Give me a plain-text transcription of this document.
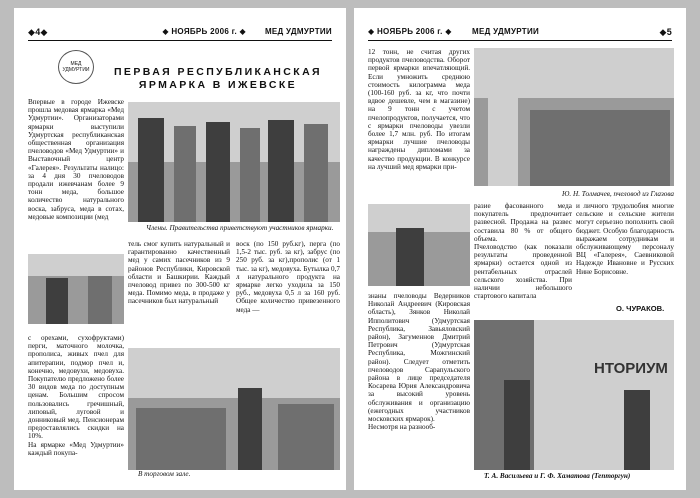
◆4◆	◆ НОЯБРЬ 2006 г. ◆ МЕД УДМУРТИИ
МЕД УДМУРТИИ	ПЕРВАЯ РЕСПУБЛИКАНСКАЯ ЯРМАРКА В ИЖЕВСКЕ
Впервые в городе Ижевске прошла медовая ярмарка «Мед Удмуртии». Организаторами ярмарки выступили Удмуртская республиканская общественная организация пчеловодов «Мед Удмуртии» и Выставочный центр «Галерея». Результаты налицо: за 4 дня 30 пчеловодов продали ижевчанам более 9 тонн меда, большое количество натурального воска, забруса, меда в сотах, медовые композиции (мед
Члены. Правительства приветствуют участников ярмарки.
с орехами, сухофруктами) перги, маточного молочка, прополиса, живых пчел для апитерапии, подмор пчел и, конечно, медовухи, медовуха. Покупателю предложено более 30 видов меда по доступным ценам. Большим спросом пользовались гречишный, липовый, луговой и донниковый мед. Пенсионерам предоставлялись скидки на 10%.
На ярмарке «Мед Удмуртии» каждый покупа-
тель смог купить натуральный и гарантированно качественный мед у самих пасечников из 9 районов Республики, Кировской области и Башкирии. Каждый пчеловод привез по 300-500 кг меда. Помимо меда, в продаже у пасечников был натуральный
воск (по 150 руб.кг), перга (по 1,5-2 тыс. руб. за кг), забрус (по 250 руб. за кг),прополис (от 1 тыс. за кг), медовуха. Бутылка 0,7 л натурального продукта на ярмарке легко уходила за 150 руб., медовуха 0,5 л за 160 руб. Общее количество привезенного меда —
В торговом зале.
◆ НОЯБРЬ 2006 г. ◆	МЕД УДМУРТИИ	◆5
12 тонн, не считая других продуктов пчеловодства. Оборот первой ярмарки впечатляющий. Если умножить среднюю стоимость килограмма меда (100-160 руб. за кг, что почти вдвое дешевле, чем в магазине) на 9 тонн с учетом пчелопродуктов, получается, что с ярмарки пчеловоды увезли более 1,7 млн. руб. По итогам ярмарки лучшие пчеловоды награждены дипломами за качество продукции. В конкурсе на лучший мед ярмарки при-
Ю. Н. Толмачев, пчеловод из Глазова
знаны пчеловоды Ведерников Николай Андреевич (Кировская область), Зянков Николай Ипполитович (Удмуртская Республика, Завьяловский район), Загуменнов Дмитрий Петрович (Удмуртская Республика, Можгинский район). Следует отметить пчеловодов Сарапульского района в лице председателя Косарева Юрия Александровича за высокий уровень обслуживания и организацию (ежегодных участников московских ярмарок).
Несмотря на разнооб-
разие фасованного меда покупатель предпочитает развесной. Продажа на развес составила 80 % от общего объема.
Пчеловодство (как показали результаты проведенной ярмарки) остается одной из рентабельных отраслей сельского хозяйства. При наличии небольшого стартового капитала
и личного трудолюбия многие сельские и сельские жители могут серьезно пополнить свой бюджет. Особую благодарность выражаем сотрудникам и обслуживающему персоналу ВЦ «Галерея», Саевниковой Надежде Ивановне и Русских Нине Борисовне.
О. ЧУРАКОВ.
НТОРИУМ
Т. А. Васильева и Г. Ф. Хаматова (Тепторгун)
